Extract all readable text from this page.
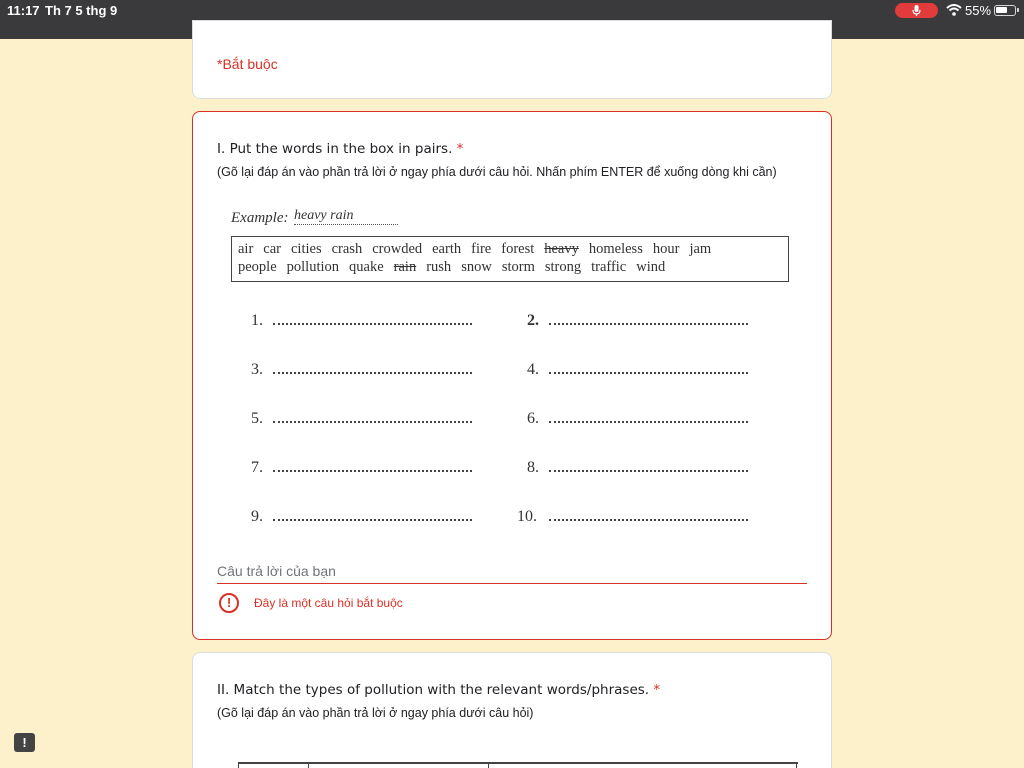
11:17 Th 7 5 thg 9	55%
*Bắt buộc
I. Put the words in the box in pairs. *
(Gõ lại đáp án vào phần trả lời ở ngay phía dưới câu hỏi. Nhấn phím ENTER để xuống dòng khi cần)
Example: heavy rain
air car cities crash crowded earth fire forest heavy homeless hour jam
people pollution quake rain rush snow storm strong traffic wind
1.	2.
3.	4.
5.	6.
7.	8.
9.	10.
Câu trả lời của bạn
!	Đây là một câu hỏi bắt buộc
II. Match the types of pollution with the relevant words/phrases. *
(Gõ lại đáp án vào phần trả lời ở ngay phía dưới câu hỏi)
!
